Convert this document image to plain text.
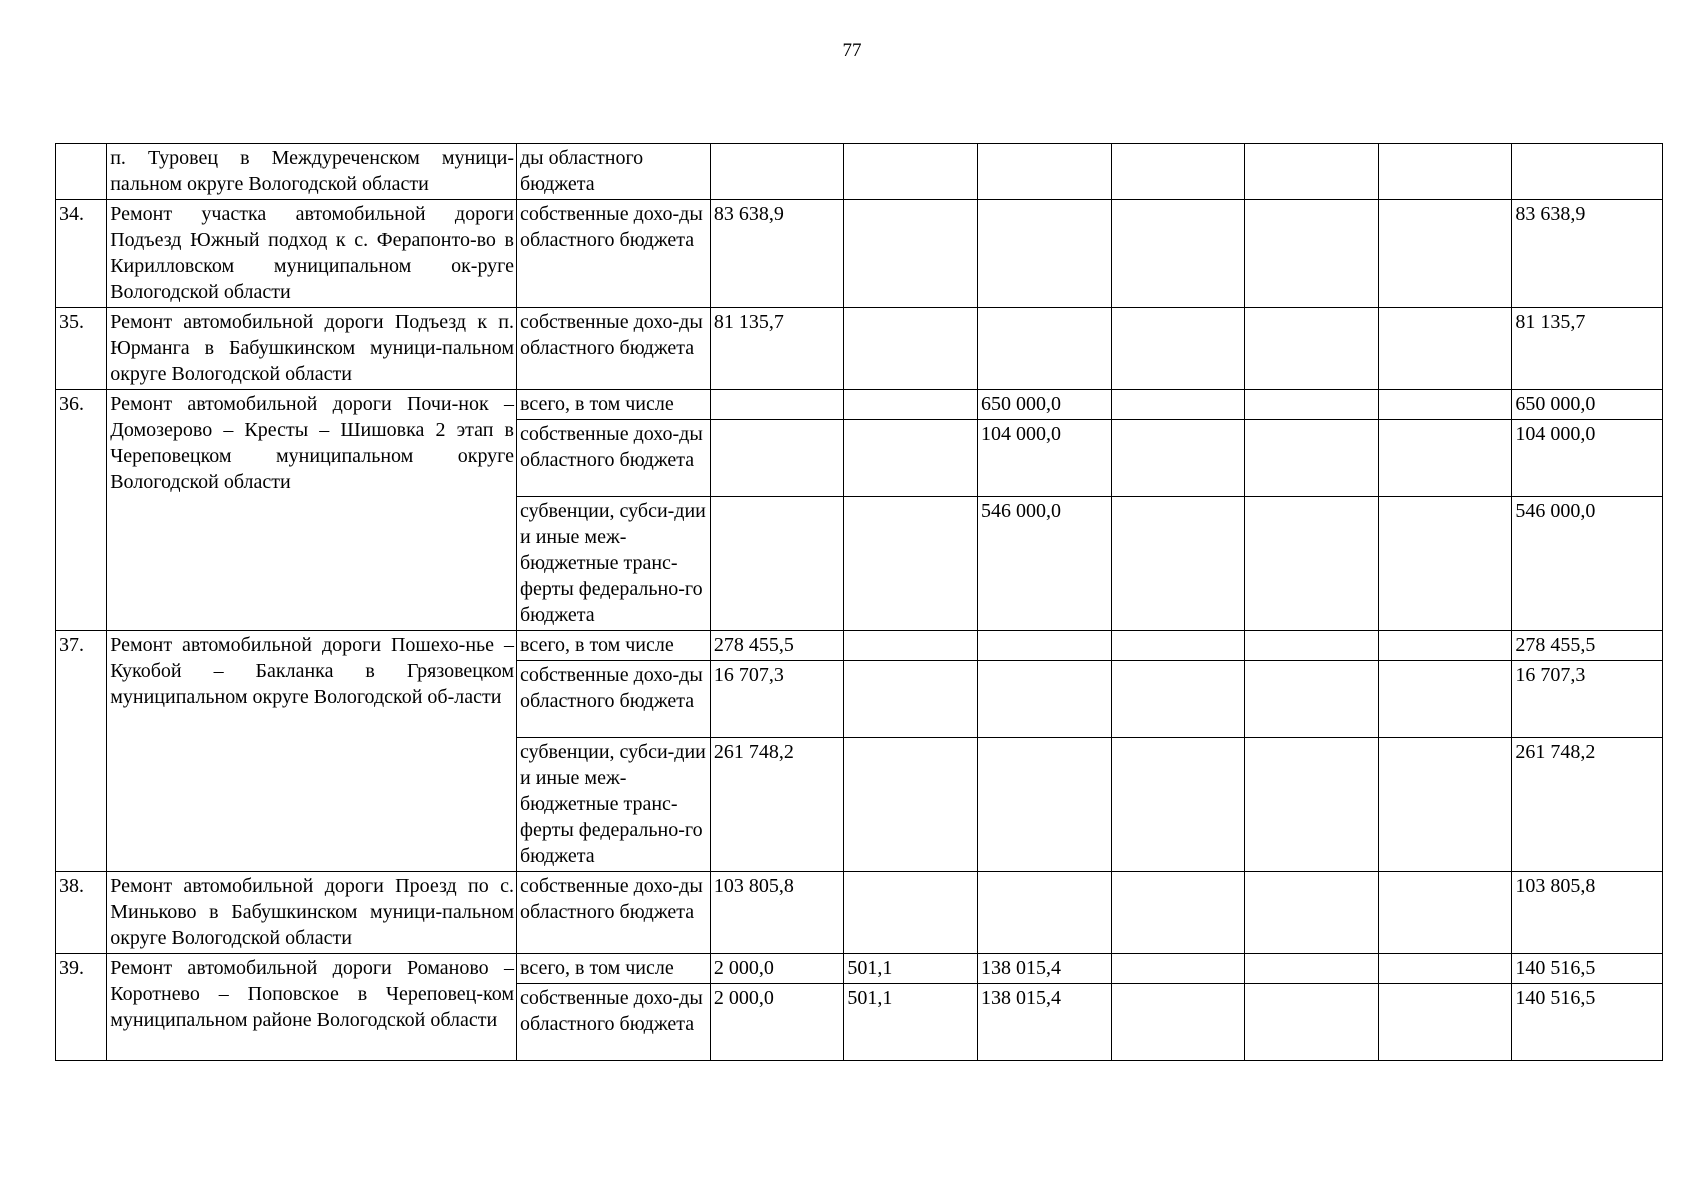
77
	п. Туровец в Междуреченском муници-пальном округе Вологодской области	ды областного бюджета							
34.	Ремонт участка автомобильной дороги Подъезд Южный подход к с. Ферапонто-во в Кирилловском муниципальном ок-руге Вологодской области	собственные дохо-ды областного бюджета	83 638,9						83 638,9
35.	Ремонт автомобильной дороги Подъезд к п. Юрманга в Бабушкинском муници-пальном округе Вологодской области	собственные дохо-ды областного бюджета	81 135,7						81 135,7
36.	Ремонт автомобильной дороги Почи-нок – Домозерово – Кресты – Шишовка 2 этап в Череповецком муниципальном округе Вологодской области	всего, в том числе			650 000,0				650 000,0
		собственные дохо-ды областного бюджета			104 000,0				104 000,0
		субвенции, субси-дии и иные меж-бюджетные транс-ферты федерально-го бюджета			546 000,0				546 000,0
37.	Ремонт автомобильной дороги Пошехо-нье – Кукобой – Бакланка в Грязовецком муниципальном округе Вологодской об-ласти	всего, в том числе	278 455,5						278 455,5
		собственные дохо-ды областного бюджета	16 707,3						16 707,3
		субвенции, субси-дии и иные меж-бюджетные транс-ферты федерально-го бюджета	261 748,2						261 748,2
38.	Ремонт автомобильной дороги Проезд по с. Миньково в Бабушкинском муници-пальном округе Вологодской области	собственные дохо-ды областного бюджета	103 805,8						103 805,8
39.	Ремонт автомобильной дороги Романово – Коротнево – Поповское в Череповец-ком муниципальном районе Вологодской области	всего, в том числе	2 000,0	501,1	138 015,4				140 516,5
		собственные дохо-ды областного бюджета	2 000,0	501,1	138 015,4				140 516,5
